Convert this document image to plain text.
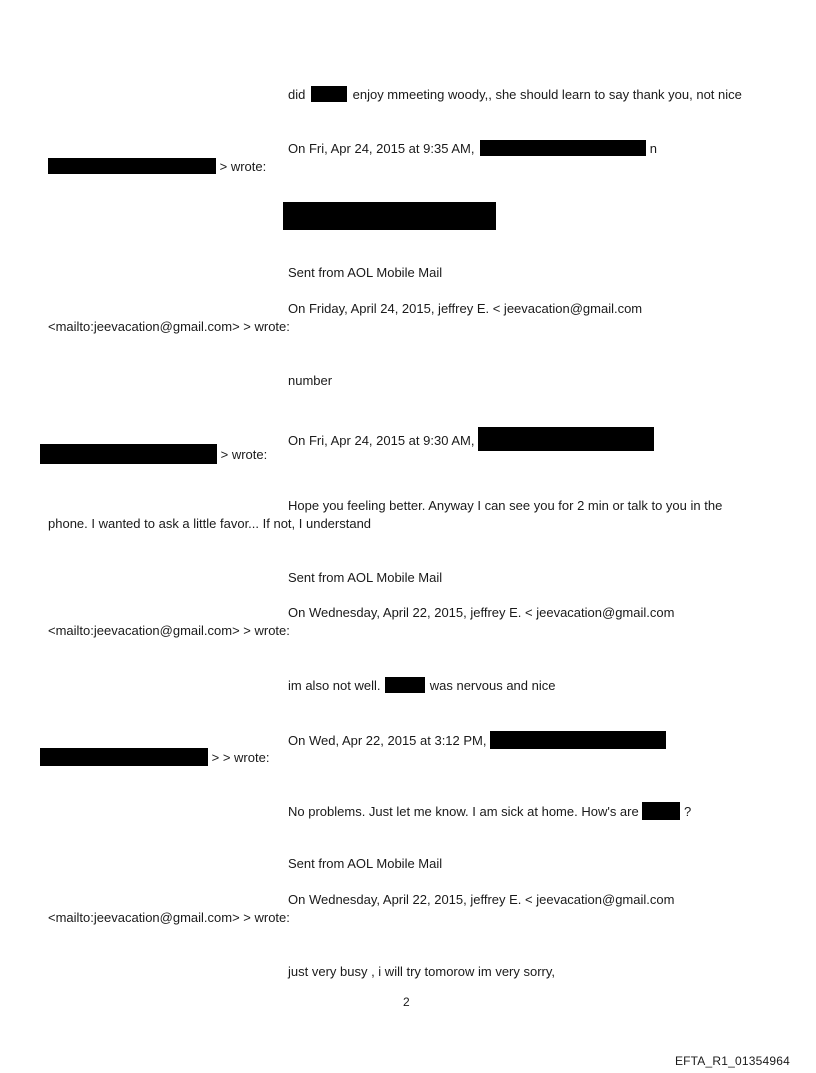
did	enjoy mmeeting woody,, she should learn to say thank you, not nice
On Fri, Apr 24, 2015 at 9:35 AM,	n
> wrote:
Sent from AOL Mobile Mail
On Friday, April 24, 2015, jeffrey E. < jeevacation@gmail.com
<mailto:jeevacation@gmail.com> > wrote:
number
On Fri, Apr 24, 2015 at 9:30 AM,
> wrote:
Hope you feeling better. Anyway I can see you for 2 min or talk to you in the
phone. I wanted to ask a little favor... If not, I understand
Sent from AOL Mobile Mail
On Wednesday, April 22, 2015, jeffrey E. < jeevacation@gmail.com
<mailto:jeevacation@gmail.com> > wrote:
im also not well.	was nervous and nice
On Wed, Apr 22, 2015 at 3:12 PM,
> > wrote:
No problems. Just let me know. I am sick at home. How's are	?
Sent from AOL Mobile Mail
On Wednesday, April 22, 2015, jeffrey E. < jeevacation@gmail.com
<mailto:jeevacation@gmail.com> > wrote:
just very busy , i will try tomorow im very sorry,
2
EFTA_R1_01354964
